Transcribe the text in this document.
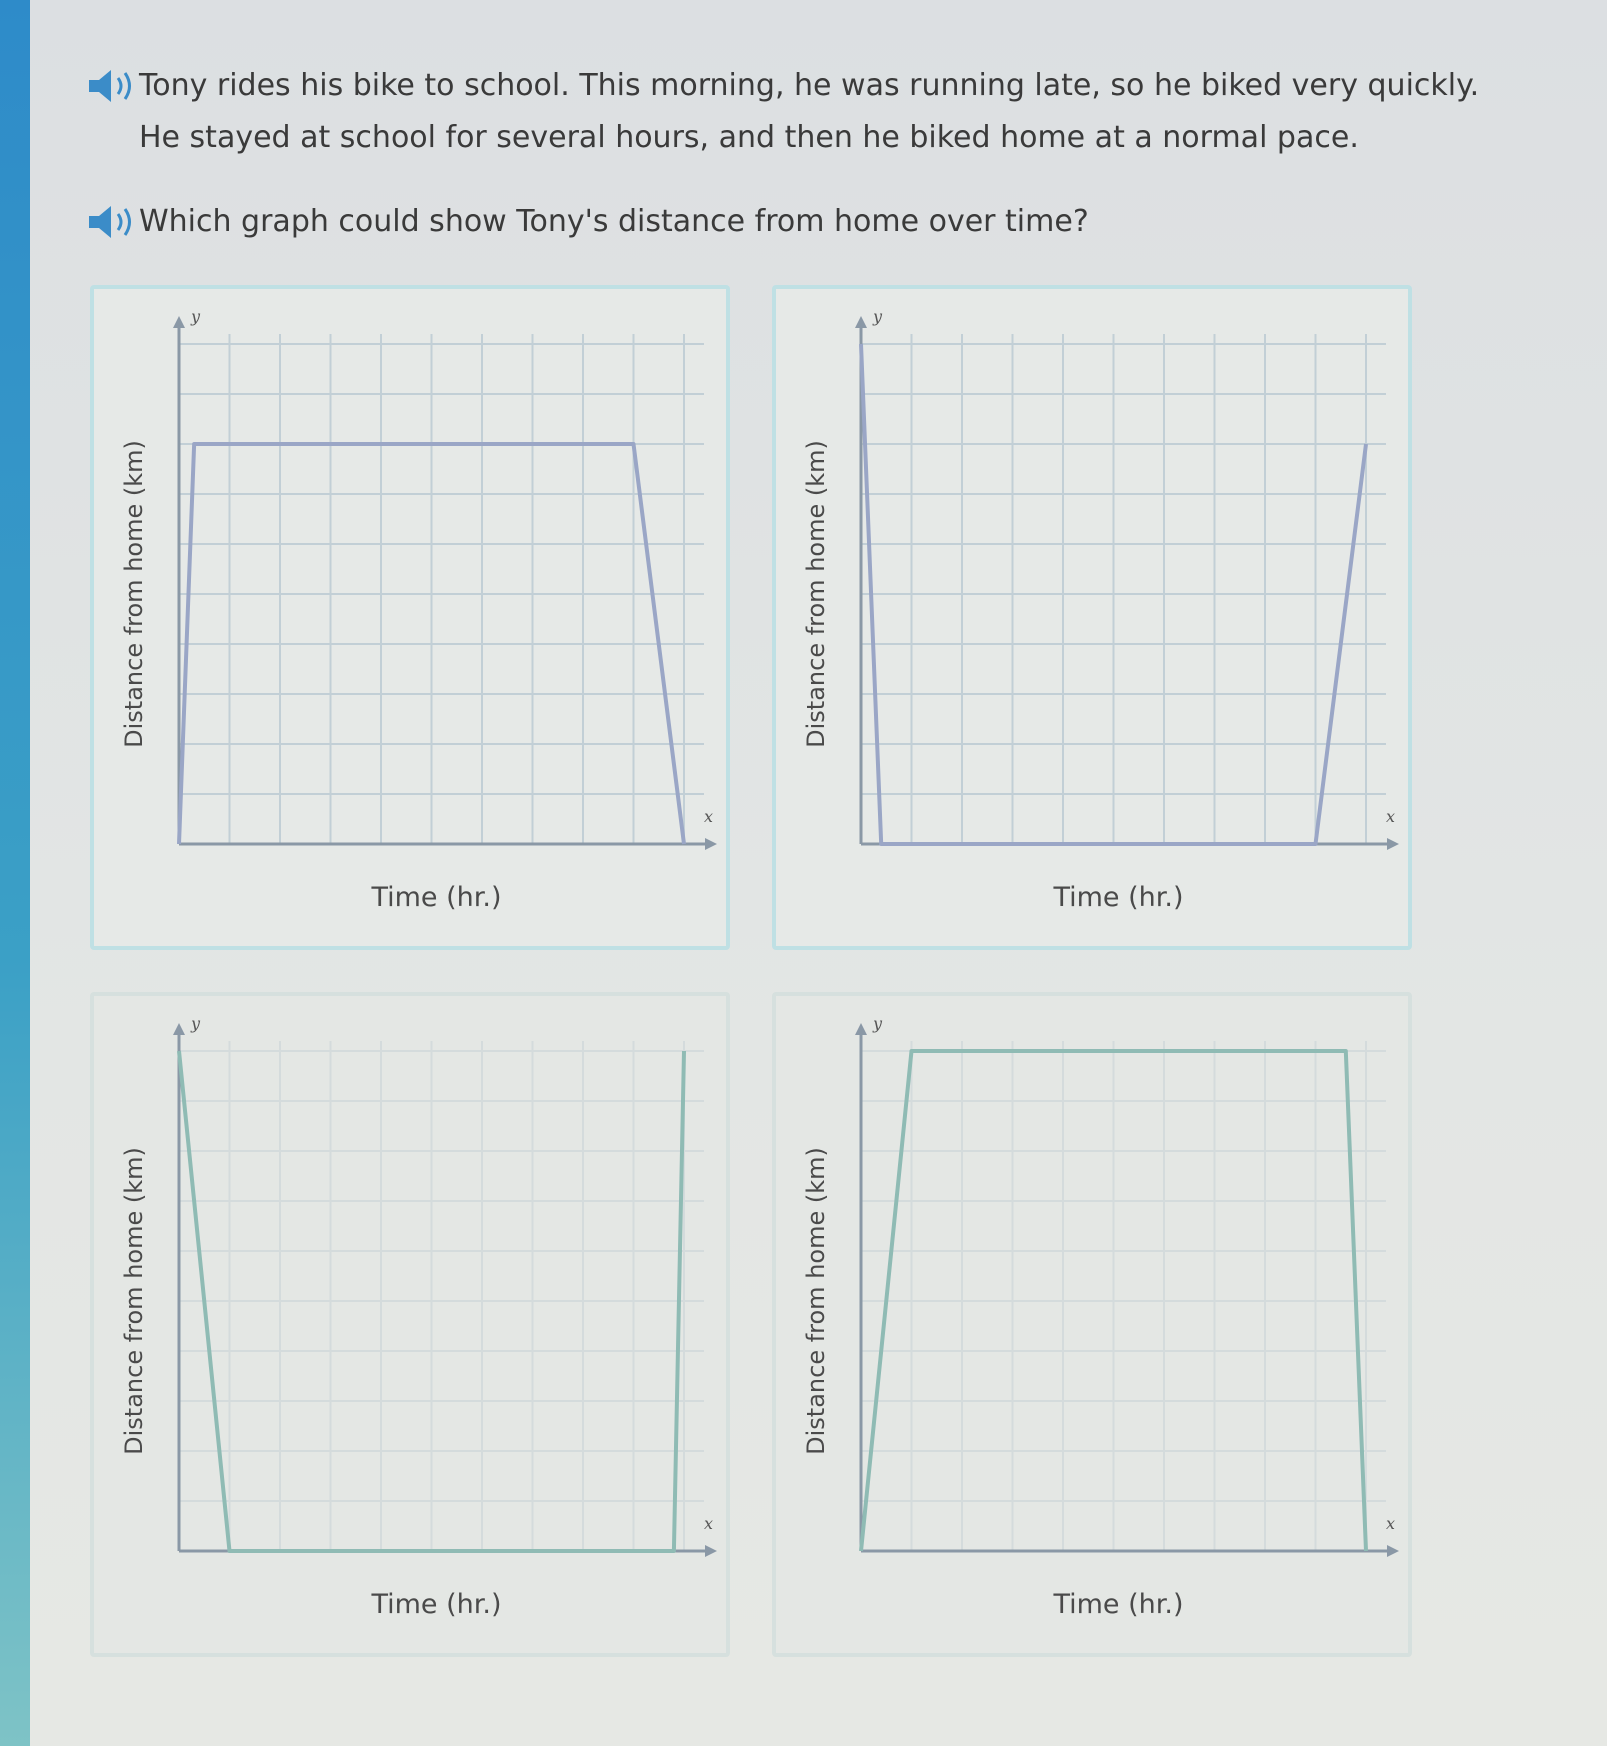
Tony rides his bike to school. This morning, he was running late, so he biked very quickly. He stayed at school for several hours, and then he biked home at a normal pace.
Which graph could show Tony's distance from home over time?
x
y
Distance from home (km)
Time (hr.)
x
y
Distance from home (km)
Time (hr.)
x
y
Distance from home (km)
Time (hr.)
x
y
Distance from home (km)
Time (hr.)
